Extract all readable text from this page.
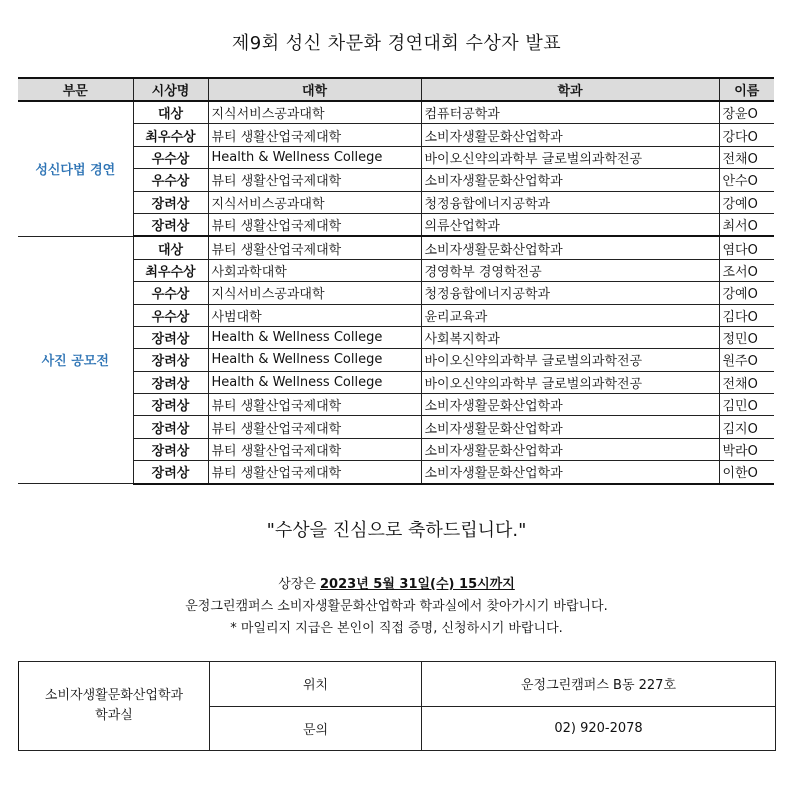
제9회 성신 차문화 경연대회 수상자 발표
부문	시상명	대학	학과	이름
성신다법 경연	대상	지식서비스공과대학	컴퓨터공학과	장윤O
	최우수상	뷰티 생활산업국제대학	소비자생활문화산업학과	강다O
	우수상	Health & Wellness College	바이오신약의과학부 글로벌의과학전공	전채O
	우수상	뷰티 생활산업국제대학	소비자생활문화산업학과	안수O
	장려상	지식서비스공과대학	청정융합에너지공학과	강예O
	장려상	뷰티 생활산업국제대학	의류산업학과	최서O
사진 공모전	대상	뷰티 생활산업국제대학	소비자생활문화산업학과	염다O
	최우수상	사회과학대학	경영학부 경영학전공	조서O
	우수상	지식서비스공과대학	청정융합에너지공학과	강예O
	우수상	사범대학	윤리교육과	김다O
	장려상	Health & Wellness College	사회복지학과	정민O
	장려상	Health & Wellness College	바이오신약의과학부 글로벌의과학전공	원주O
	장려상	Health & Wellness College	바이오신약의과학부 글로벌의과학전공	전채O
	장려상	뷰티 생활산업국제대학	소비자생활문화산업학과	김민O
	장려상	뷰티 생활산업국제대학	소비자생활문화산업학과	김지O
	장려상	뷰티 생활산업국제대학	소비자생활문화산업학과	박라O
	장려상	뷰티 생활산업국제대학	소비자생활문화산업학과	이한O
"수상을 진심으로 축하드립니다."
상장은 2023년 5월 31일(수) 15시까지
운정그린캠퍼스 소비자생활문화산업학과 학과실에서 찾아가시기 바랍니다.
* 마일리지 지급은 본인이 직접 증명, 신청하시기 바랍니다.
소비자생활문화산업학과
학과실	위치	운정그린캠퍼스 B동 227호
	문의	02) 920-2078
